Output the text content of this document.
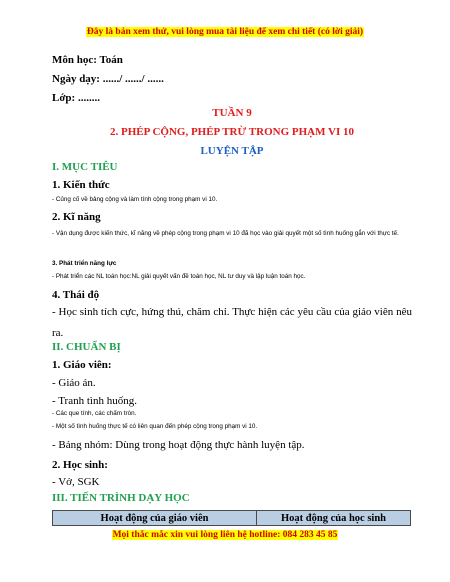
Đây là bản xem thử, vui lòng mua tài liệu để xem chi tiết (có lời giải)
Môn học: Toán
Ngày dạy: ....../ ....../ ......
Lớp: ........
TUẦN 9
2. PHÉP CỘNG, PHÉP TRỪ TRONG PHẠM VI 10
LUYỆN TẬP
I. MỤC TIÊU
1. Kiến thức
- Củng cố về bảng cộng và làm tính cộng trong phạm vi 10.
2. Kĩ năng
- Vận dụng được kiến thức, kĩ năng về phép cộng trong phạm vi 10 đã học vào giải quyết một số tình huống gắn với thực tế.
3. Phát triển năng lực
- Phát triển các NL toán học:NL giải quyết vấn đề toán học, NL tư duy và lập luận toán học.
4. Thái độ
- Học sinh tích cực, hứng thú, chăm chỉ. Thực hiện các yêu cầu của giáo viên nêu ra.
II. CHUẨN BỊ
1. Giáo viên:
- Giáo án.
- Tranh tình huống.
- Các que tính, các chấm tròn.
- Một số tình huống thực tế có liên quan đến phép cộng trong phạm vi 10.
- Bảng nhóm: Dùng trong hoạt động thực hành luyện tập.
2. Học sinh:
- Vở, SGK
III. TIẾN TRÌNH DẠY HỌC
Hoạt động của giáo viên	Hoạt động của học sinh
Mọi thắc mắc xin vui lòng liên hệ hotline: 084 283 45 85
